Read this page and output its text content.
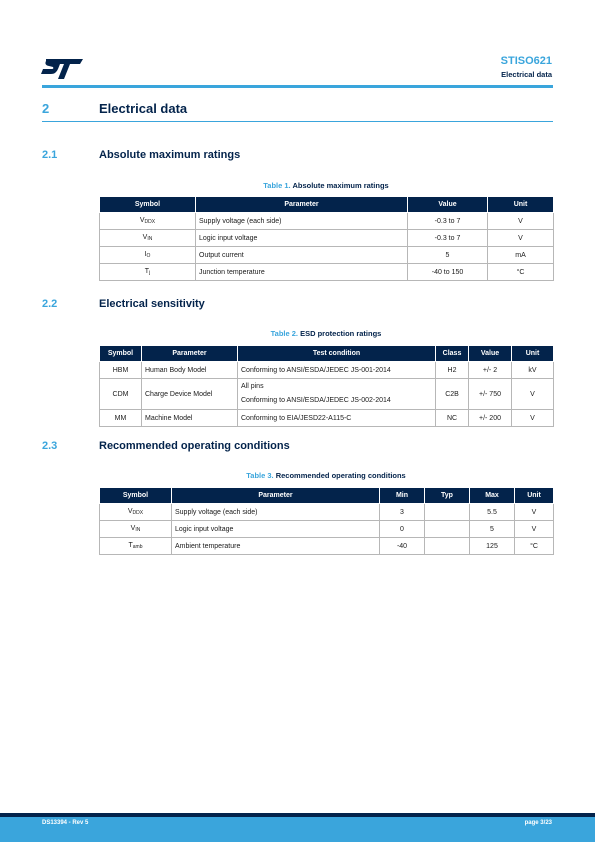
STISO621
Electrical data
2	Electrical data
2.1	Absolute maximum ratings
Table 1. Absolute maximum ratings
Symbol	Parameter	Value	Unit
$V_{DDX}$	Supply voltage (each side)	-0.3 to 7	V
$V_{IN}$	Logic input voltage	-0.3 to 7	V
$I_O$	Output current	5	mA
$T_j$	Junction temperature	-40 to 150	°C
2.2	Electrical sensitivity
Table 2. ESD protection ratings
Symbol	Parameter	Test condition	Class	Value	Unit
HBM	Human Body Model	Conforming to ANSI/ESDA/JEDEC JS-001-2014	H2	+/- 2	kV
CDM	Charge Device Model	All pins
Conforming to ANSI/ESDA/JEDEC JS-002-2014	C2B	+/- 750	V
MM	Machine Model	Conforming to EIA/JESD22-A115-C	NC	+/- 200	V
2.3	Recommended operating conditions
Table 3. Recommended operating conditions
Symbol	Parameter	Min	Typ	Max	Unit
$V_{DDX}$	Supply voltage (each side)	3		5.5	V
$V_{IN}$	Logic input voltage	0		5	V
$T_{amb}$	Ambient temperature	-40		125	°C
DS13394 - Rev 5	page 3/23
